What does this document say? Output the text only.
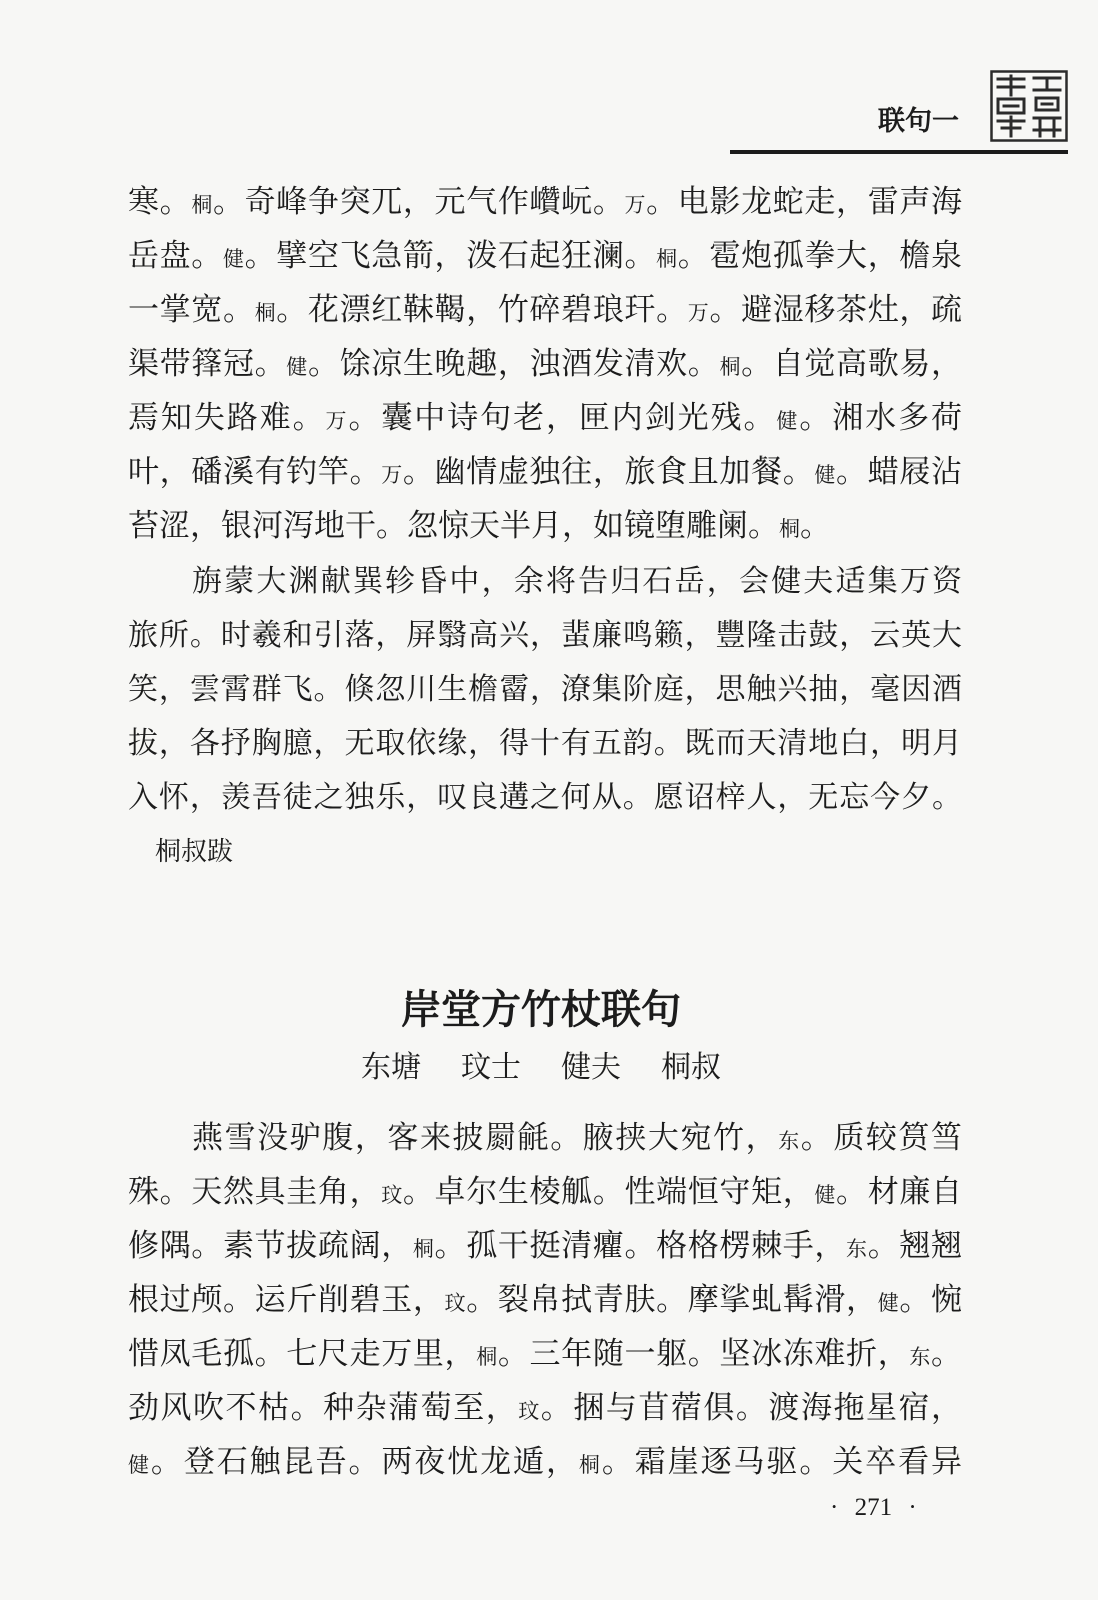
联句一
寒。桐。奇峰争突兀，元气作巑岏。万。电影龙蛇走，雷声海
岳盘。健。擘空飞急箭，泼石起狂澜。桐。雹炮孤拳大，檐泉
一掌宽。桐。花漂红靺鞨，竹碎碧琅玕。万。避湿移茶灶，疏
渠带箨冠。健。馀凉生晚趣，浊酒发清欢。桐。自觉高歌易，
焉知失路难。万。囊中诗句老，匣内剑光残。健。湘水多荷
叶，磻溪有钓竿。万。幽情虚独往，旅食且加餐。健。蜡屐沾
苔涩，银河泻地干。忽惊天半月，如镜堕雕阑。桐。
旃蒙大渊献巽轸昏中，余将告归石岳，会健夫适集万资
旅所。时羲和引落，屏翳高兴，蜚廉鸣籁，豐隆击鼓，云英大
笑，雲霄群飞。倏忽川生檐霤，潦集阶庭，思触兴抽，毫因酒
拔，各抒胸臆，无取依缘，得十有五韵。既而天清地白，明月
入怀，羡吾徒之独乐，叹良遘之何从。愿诏梓人，无忘今夕。
桐叔跋
岸堂方竹杖联句
东塘 玟士 健夫 桐叔
燕雪没驴腹，客来披罽毹。腋挟大宛竹，东。质较筼筜
殊。天然具圭角，玟。卓尔生棱觚。性端恒守矩，健。材廉自
修隅。素节拔疏阔，桐。孤干挺清癯。格格楞棘手，东。翘翘
根过颅。运斤削碧玉，玟。裂帛拭青肤。摩挲虬髯滑，健。惋
惜凤毛孤。七尺走万里，桐。三年随一躯。坚冰冻难折，东。
劲风吹不枯。种杂蒲萄至，玟。捆与苜蓿俱。渡海拖星宿，
健。登石触昆吾。两夜忧龙遁，桐。霜崖逐马驱。关卒看异
· 271 ·
